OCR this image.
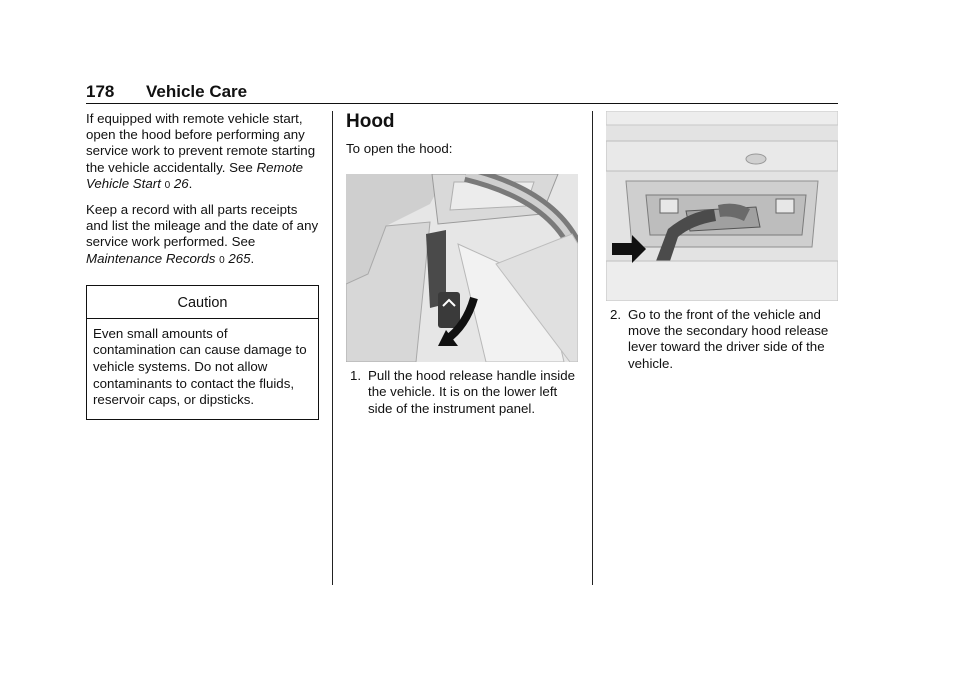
178 Vehicle Care

If equipped with remote vehicle start, open the hood before performing any service work to prevent remote starting the vehicle accidentally. See Remote Vehicle Start 0 26.

Keep a record with all parts receipts and list the mileage and the date of any service work performed. See Maintenance Records 0 265.

Caution
Even small amounts of contamination can cause damage to vehicle systems. Do not allow contaminants to contact the fluids, reservoir caps, or dipsticks.
Hood

To open the hood:

1. Pull the hood release handle inside the vehicle. It is on the lower left side of the instrument panel.
2. Go to the front of the vehicle and move the secondary hood release lever toward the driver side of the vehicle.
